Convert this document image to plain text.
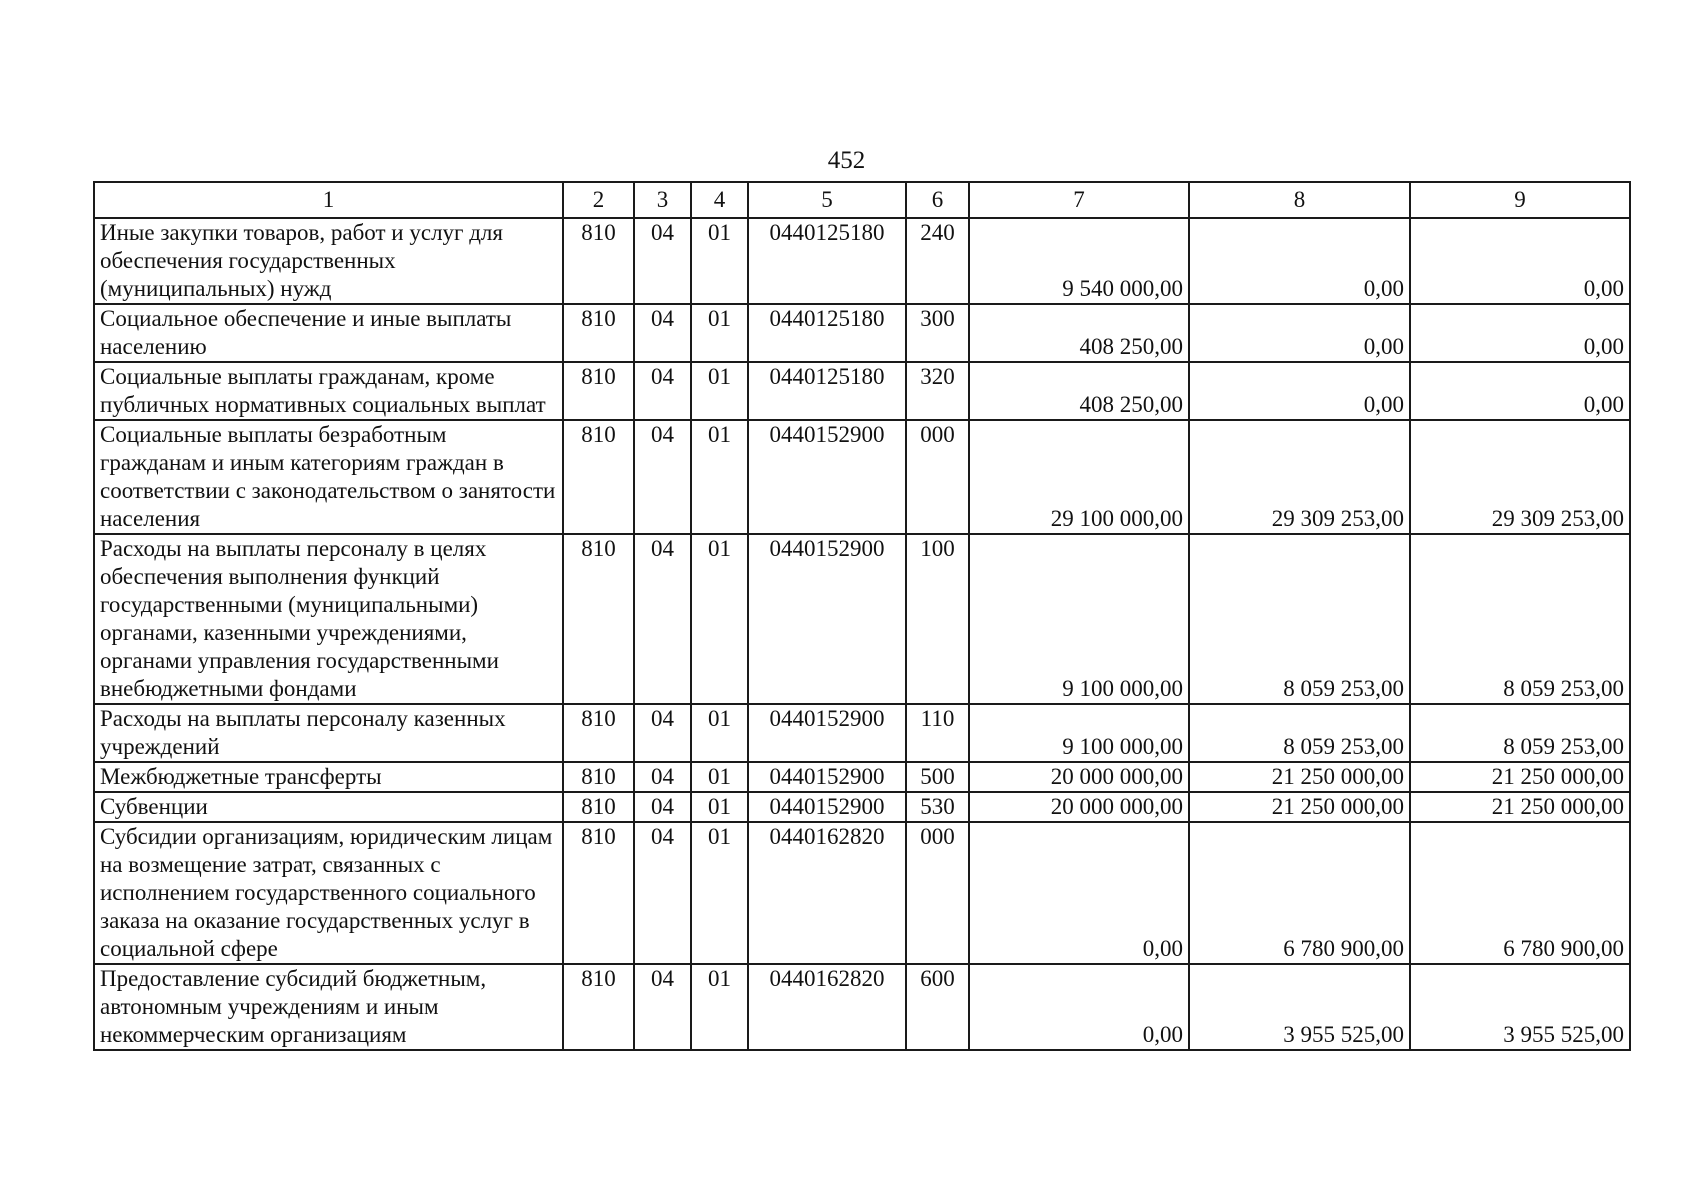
452
1	2	3	4	5	6	7	8	9
Иные закупки товаров, работ и услуг для обеспечения государственных (муниципальных) нужд	810	04	01	0440125180	240	9 540 000,00	0,00	0,00
Социальное обеспечение и иные выплаты населению	810	04	01	0440125180	300	408 250,00	0,00	0,00
Социальные выплаты гражданам, кроме публичных нормативных социальных выплат	810	04	01	0440125180	320	408 250,00	0,00	0,00
Социальные выплаты безработным гражданам и иным категориям граждан в соответствии с законодательством о занятости населения	810	04	01	0440152900	000	29 100 000,00	29 309 253,00	29 309 253,00
Расходы на выплаты персоналу в целях обеспечения выполнения функций государственными (муниципальными) органами, казенными учреждениями, органами управления государственными внебюджетными фондами	810	04	01	0440152900	100	9 100 000,00	8 059 253,00	8 059 253,00
Расходы на выплаты персоналу казенных учреждений	810	04	01	0440152900	110	9 100 000,00	8 059 253,00	8 059 253,00
Межбюджетные трансферты	810	04	01	0440152900	500	20 000 000,00	21 250 000,00	21 250 000,00
Субвенции	810	04	01	0440152900	530	20 000 000,00	21 250 000,00	21 250 000,00
Субсидии организациям, юридическим лицам на возмещение затрат, связанных с исполнением государственного социального заказа на оказание государственных услуг в социальной сфере	810	04	01	0440162820	000	0,00	6 780 900,00	6 780 900,00
Предоставление субсидий бюджетным, автономным учреждениям и иным некоммерческим организациям	810	04	01	0440162820	600	0,00	3 955 525,00	3 955 525,00
